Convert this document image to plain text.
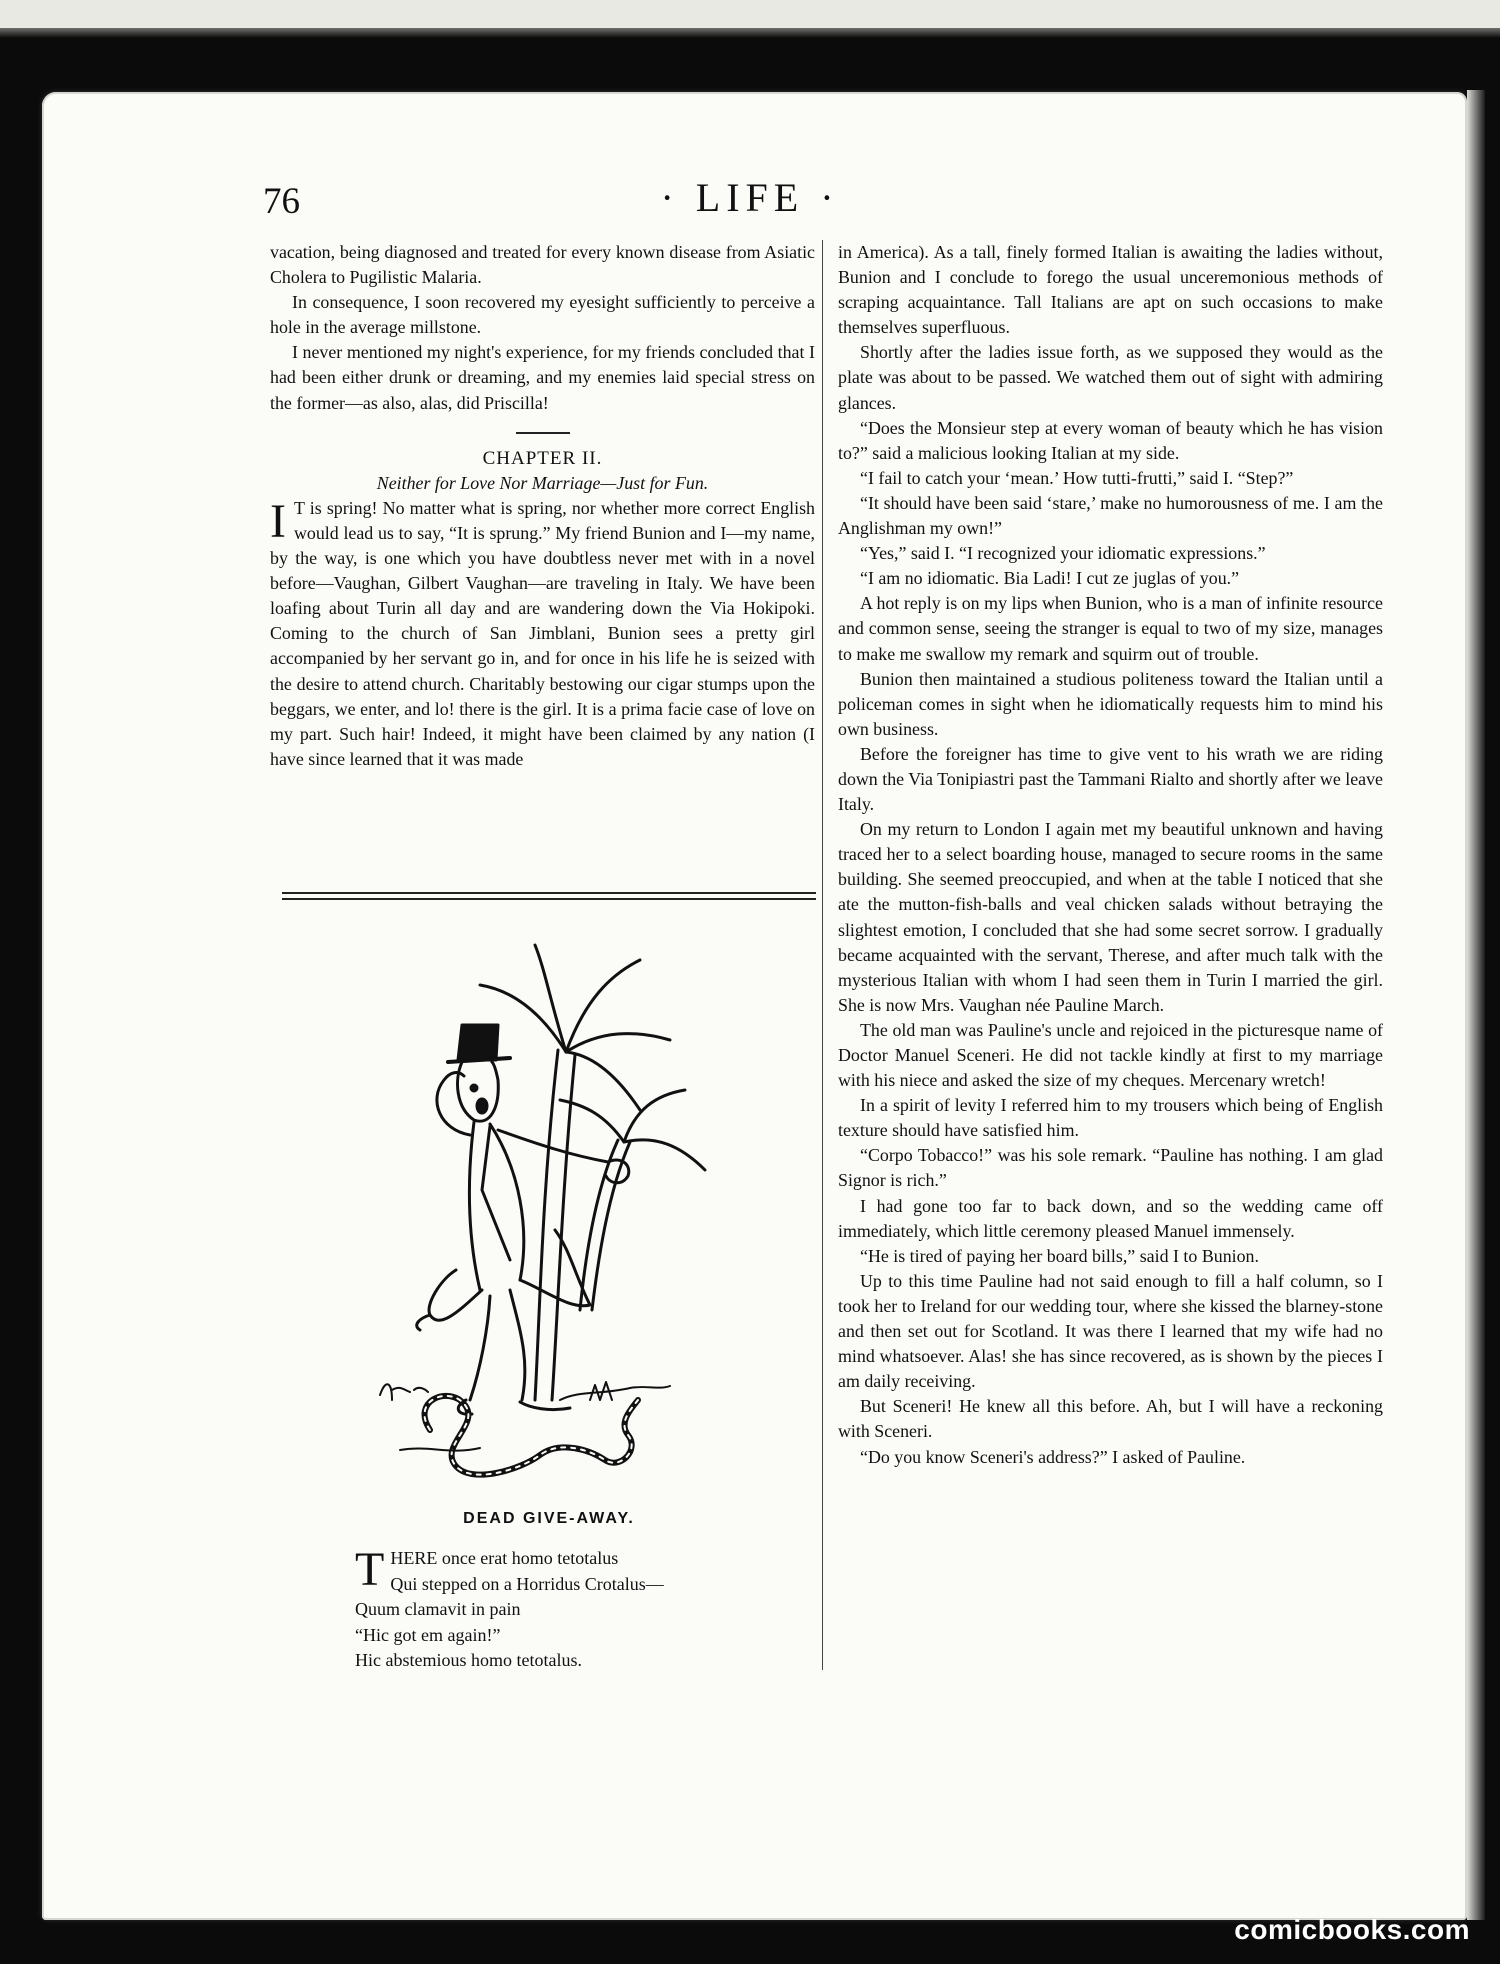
76	· LIFE ·

vacation, being diagnosed and treated for every known disease from Asiatic Cholera to Pugilistic Malaria.

In consequence, I soon recovered my eyesight sufficiently to perceive a hole in the average millstone.

I never mentioned my night's experience, for my friends concluded that I had been either drunk or dreaming, and my enemies laid special stress on the former—as also, alas, did Priscilla!

CHAPTER II.

Neither for Love Nor Marriage—Just for Fun.

I T is spring! No matter what is spring, nor whether more correct English would lead us to say, “It is sprung.” My friend Bunion and I—my name, by the way, is one which you have doubtless never met with in a novel before—Vaughan, Gilbert Vaughan—are traveling in Italy. We have been loafing about Turin all day and are wandering down the Via Hokipoki. Coming to the church of San Jimblani, Bunion sees a pretty girl accompanied by her servant go in, and for once in his life he is seized with the desire to attend church. Charitably bestowing our cigar stumps upon the beggars, we enter, and lo! there is the girl. It is a prima facie case of love on my part. Such hair! Indeed, it might have been claimed by any nation (I have since learned that it was made

DEAD GIVE-AWAY.
T HERE once erat homo tetotalus
Qui stepped on a Horridus Crotalus—
Quum clamavit in pain
“Hic got em again!”
Hic abstemious homo tetotalus.

in America). As a tall, finely formed Italian is awaiting the ladies without, Bunion and I conclude to forego the usual unceremonious methods of scraping acquaintance. Tall Italians are apt on such occasions to make themselves superfluous.

Shortly after the ladies issue forth, as we supposed they would as the plate was about to be passed. We watched them out of sight with admiring glances.

“Does the Monsieur step at every woman of beauty which he has vision to?” said a malicious looking Italian at my side.

“I fail to catch your ‘mean.’ How tutti-frutti,” said I. “Step?”

“It should have been said ‘stare,’ make no humorousness of me. I am the Anglishman my own!”

“Yes,” said I. “I recognized your idiomatic expressions.”

“I am no idiomatic. Bia Ladi! I cut ze juglas of you.”

A hot reply is on my lips when Bunion, who is a man of infinite resource and common sense, seeing the stranger is equal to two of my size, manages to make me swallow my remark and squirm out of trouble.

Bunion then maintained a studious politeness toward the Italian until a policeman comes in sight when he idiomatically requests him to mind his own business.

Before the foreigner has time to give vent to his wrath we are riding down the Via Tonipiastri past the Tammani Rialto and shortly after we leave Italy.

On my return to London I again met my beautiful unknown and having traced her to a select boarding house, managed to secure rooms in the same building. She seemed preoccupied, and when at the table I noticed that she ate the mutton-fish-balls and veal chicken salads without betraying the slightest emotion, I concluded that she had some secret sorrow. I gradually became acquainted with the servant, Therese, and after much talk with the mysterious Italian with whom I had seen them in Turin I married the girl. She is now Mrs. Vaughan née Pauline March.

The old man was Pauline's uncle and rejoiced in the picturesque name of Doctor Manuel Sceneri. He did not tackle kindly at first to my marriage with his niece and asked the size of my cheques. Mercenary wretch!

In a spirit of levity I referred him to my trousers which being of English texture should have satisfied him.

“Corpo Tobacco!” was his sole remark. “Pauline has nothing. I am glad Signor is rich.”

I had gone too far to back down, and so the wedding came off immediately, which little ceremony pleased Manuel immensely.

“He is tired of paying her board bills,” said I to Bunion.

Up to this time Pauline had not said enough to fill a half column, so I took her to Ireland for our wedding tour, where she kissed the blarney-stone and then set out for Scotland. It was there I learned that my wife had no mind whatsoever. Alas! she has since recovered, as is shown by the pieces I am daily receiving.

But Sceneri! He knew all this before. Ah, but I will have a reckoning with Sceneri.

“Do you know Sceneri's address?” I asked of Pauline.

comicbooks.com
